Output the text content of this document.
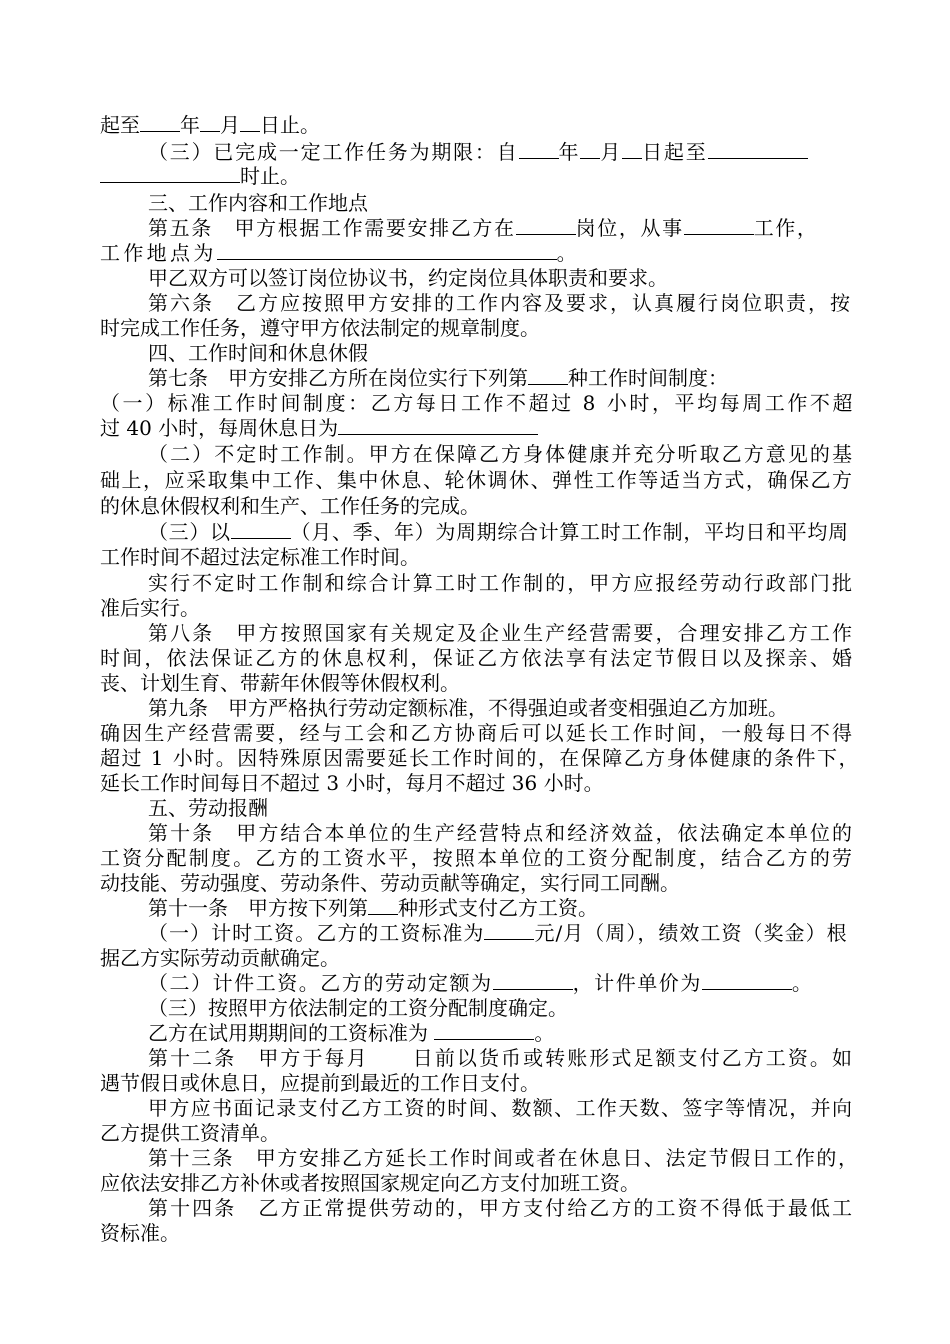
起至 年 月 日止。
（三）已完成一定工作任务为期限：自 年 月 日起至
时止。
三、工作内容和工作地点
第五条　甲方根据工作需要安排乙方在	岗位，从事	工作，
工作地点为	。
甲乙双方可以签订岗位协议书，约定岗位具体职责和要求。
第六条　乙方应按照甲方安排的工作内容及要求，认真履行岗位职责，按
时完成工作任务，遵守甲方依法制定的规章制度。
四、工作时间和休息休假
第七条　甲方安排乙方所在岗位实行下列第 种工作时间制度：
（一）标准工作时间制度：乙方每日工作不超过 8 小时，平均每周工作不超
过 40 小时，每周休息日为
（二）不定时工作制。甲方在保障乙方身体健康并充分听取乙方意见的基
础上，应采取集中工作、集中休息、轮休调休、弹性工作等适当方式，确保乙方
的休息休假权利和生产、工作任务的完成。
（三）以	（月、季、年）为周期综合计算工时工作制，平均日和平均周
工作时间不超过法定标准工作时间。
实行不定时工作制和综合计算工时工作制的，甲方应报经劳动行政部门批
准后实行。
第八条　甲方按照国家有关规定及企业生产经营需要，合理安排乙方工作
时间，依法保证乙方的休息权利，保证乙方依法享有法定节假日以及探亲、婚
丧、计划生育、带薪年休假等休假权利。
第九条　甲方严格执行劳动定额标准，不得强迫或者变相强迫乙方加班。
确因生产经营需要，经与工会和乙方协商后可以延长工作时间，一般每日不得
超过 1 小时。因特殊原因需要延长工作时间的，在保障乙方身体健康的条件下，
延长工作时间每日不超过 3 小时，每月不超过 36 小时。
五、劳动报酬
第十条　甲方结合本单位的生产经营特点和经济效益，依法确定本单位的
工资分配制度。乙方的工资水平，按照本单位的工资分配制度，结合乙方的劳
动技能、劳动强度、劳动条件、劳动贡献等确定，实行同工同酬。
第十一条　甲方按下列第 种形式支付乙方工资。
（一）计时工资。乙方的工资标准为	元/月（周），绩效工资（奖金）根
据乙方实际劳动贡献确定。
（二）计件工资。乙方的劳动定额为	，计件单价为	。
（三）按照甲方依法制定的工资分配制度确定。
乙方在试用期期间的工资标准为	。
第十二条　甲方于每月　　日前以货币或转账形式足额支付乙方工资。如
遇节假日或休息日，应提前到最近的工作日支付。
甲方应书面记录支付乙方工资的时间、数额、工作天数、签字等情况，并向
乙方提供工资清单。
第十三条　甲方安排乙方延长工作时间或者在休息日、法定节假日工作的，
应依法安排乙方补休或者按照国家规定向乙方支付加班工资。
第十四条　乙方正常提供劳动的，甲方支付给乙方的工资不得低于最低工
资标准。
